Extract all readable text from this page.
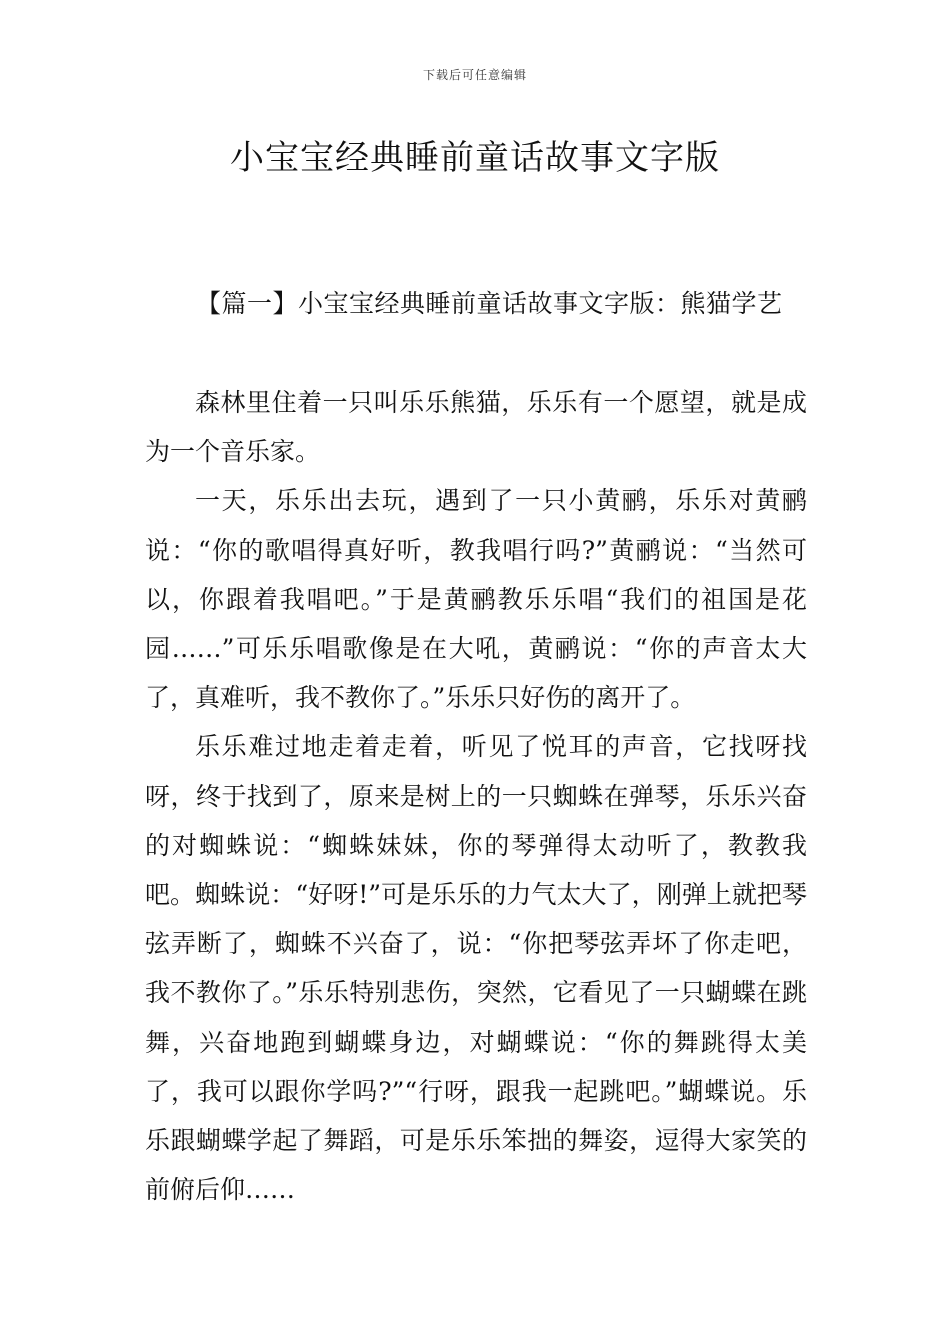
下载后可任意编辑
小宝宝经典睡前童话故事文字版
【篇一】小宝宝经典睡前童话故事文字版：熊猫学艺

森林里住着一只叫乐乐熊猫，乐乐有一个愿望，就是成为一个音乐家。

一天，乐乐出去玩，遇到了一只小黄鹂，乐乐对黄鹂说：“你的歌唱得真好听，教我唱行吗?”黄鹂说：“当然可以，你跟着我唱吧。”于是黄鹂教乐乐唱“我们的祖国是花园……”可乐乐唱歌像是在大吼，黄鹂说：“你的声音太大了，真难听，我不教你了。”乐乐只好伤的离开了。

乐乐难过地走着走着，听见了悦耳的声音，它找呀找呀，终于找到了，原来是树上的一只蜘蛛在弹琴，乐乐兴奋的对蜘蛛说：“蜘蛛妹妹，你的琴弹得太动听了，教教我吧。蜘蛛说：“好呀!”可是乐乐的力气太大了，刚弹上就把琴弦弄断了，蜘蛛不兴奋了，说：“你把琴弦弄坏了你走吧，我不教你了。”乐乐特别悲伤，突然，它看见了一只蝴蝶在跳舞，兴奋地跑到蝴蝶身边，对蝴蝶说：“你的舞跳得太美了，我可以跟你学吗?”“行呀，跟我一起跳吧。”蝴蝶说。乐乐跟蝴蝶学起了舞蹈，可是乐乐笨拙的舞姿，逗得大家笑的前俯后仰……
